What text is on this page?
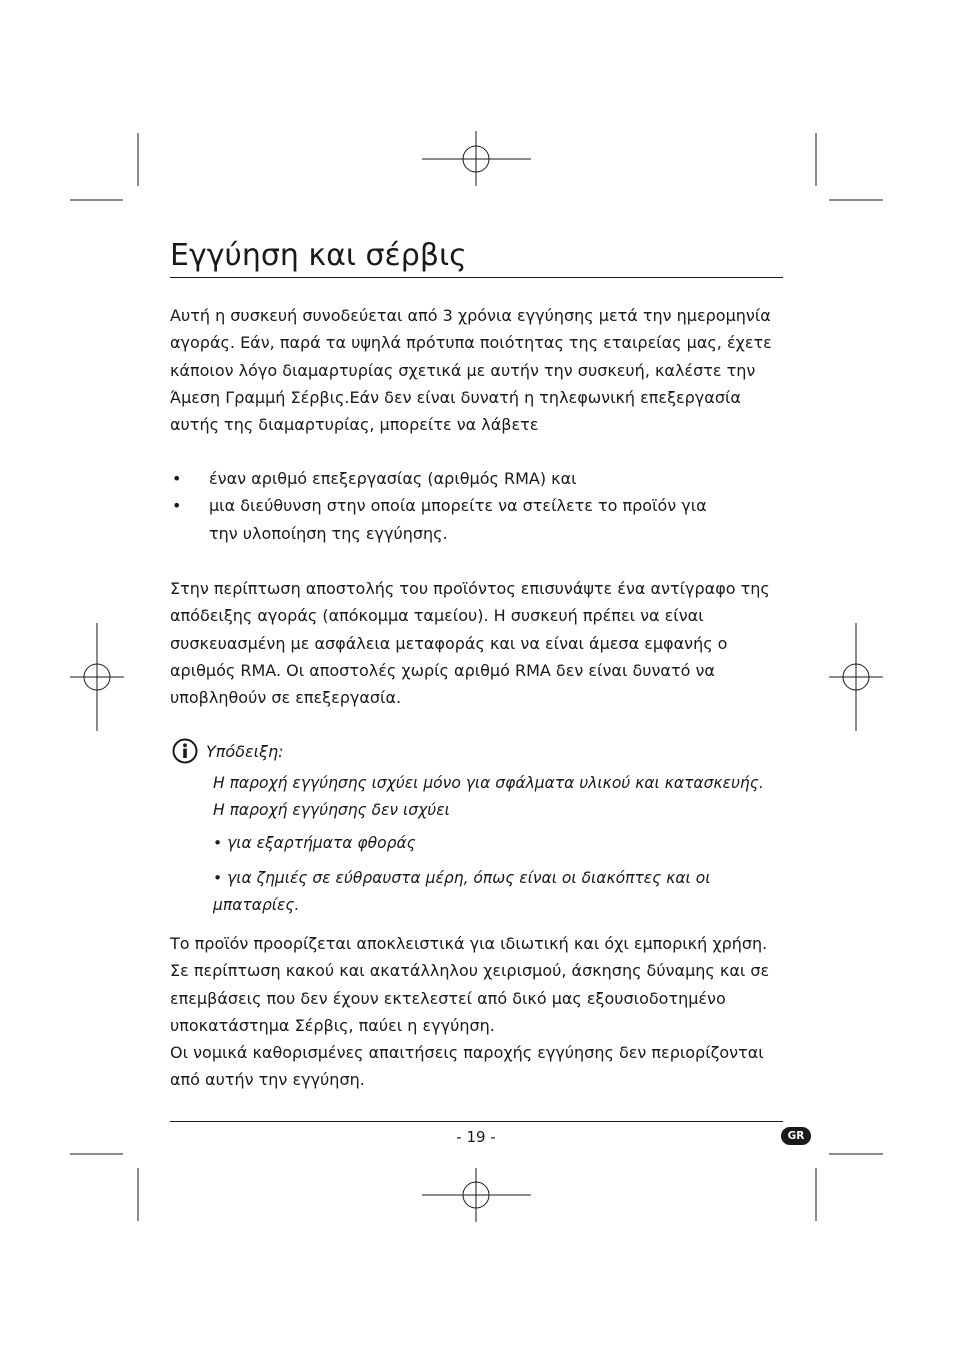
Εγγύηση και σέρβις

Αυτή η συσκευή συνοδεύεται από 3 χρόνια εγγύησης μετά την ημερομηνία αγοράς. Εάν, παρά τα υψηλά πρότυπα ποιότητας της εταιρείας μας, έχετε κάποιον λόγο διαμαρτυρίας σχετικά με αυτήν την συσκευή, καλέστε την Άμεση Γραμμή Σέρβις.Εάν δεν είναι δυνατή η τηλεφωνική επεξεργασία αυτής της διαμαρτυρίας, μπορείτε να λάβετε

• έναν αριθμό επεξεργασίας (αριθμός RMA) και
• μια διεύθυνση στην οποία μπορείτε να στείλετε το προϊόν για την υλοποίηση της εγγύησης.

Στην περίπτωση αποστολής του προϊόντος επισυνάψτε ένα αντίγραφο της απόδειξης αγοράς (απόκομμα ταμείου). Η συσκευή πρέπει να είναι συσκευασμένη με ασφάλεια μεταφοράς και να είναι άμεσα εμφανής ο αριθμός RMA. Οι αποστολές χωρίς αριθμό RMA δεν είναι δυνατό να υποβληθούν σε επεξεργασία.

Υπόδειξη:
Η παροχή εγγύησης ισχύει μόνο για σφάλματα υλικού και κατασκευής.
Η παροχή εγγύησης δεν ισχύει
• για εξαρτήματα φθοράς
• για ζημιές σε εύθραυστα μέρη, όπως είναι οι διακόπτες και οι μπαταρίες.
Το προϊόν προορίζεται αποκλειστικά για ιδιωτική και όχι εμπορική χρήση. Σε περίπτωση κακού και ακατάλληλου χειρισμού, άσκησης δύναμης και σε επεμβάσεις που δεν έχουν εκτελεστεί από δικό μας εξουσιοδοτημένο υποκατάστημα Σέρβις, παύει η εγγύηση.
Οι νομικά καθορισμένες απαιτήσεις παροχής εγγύησης δεν περιορίζονται από αυτήν την εγγύηση.
- 19 -	GR
